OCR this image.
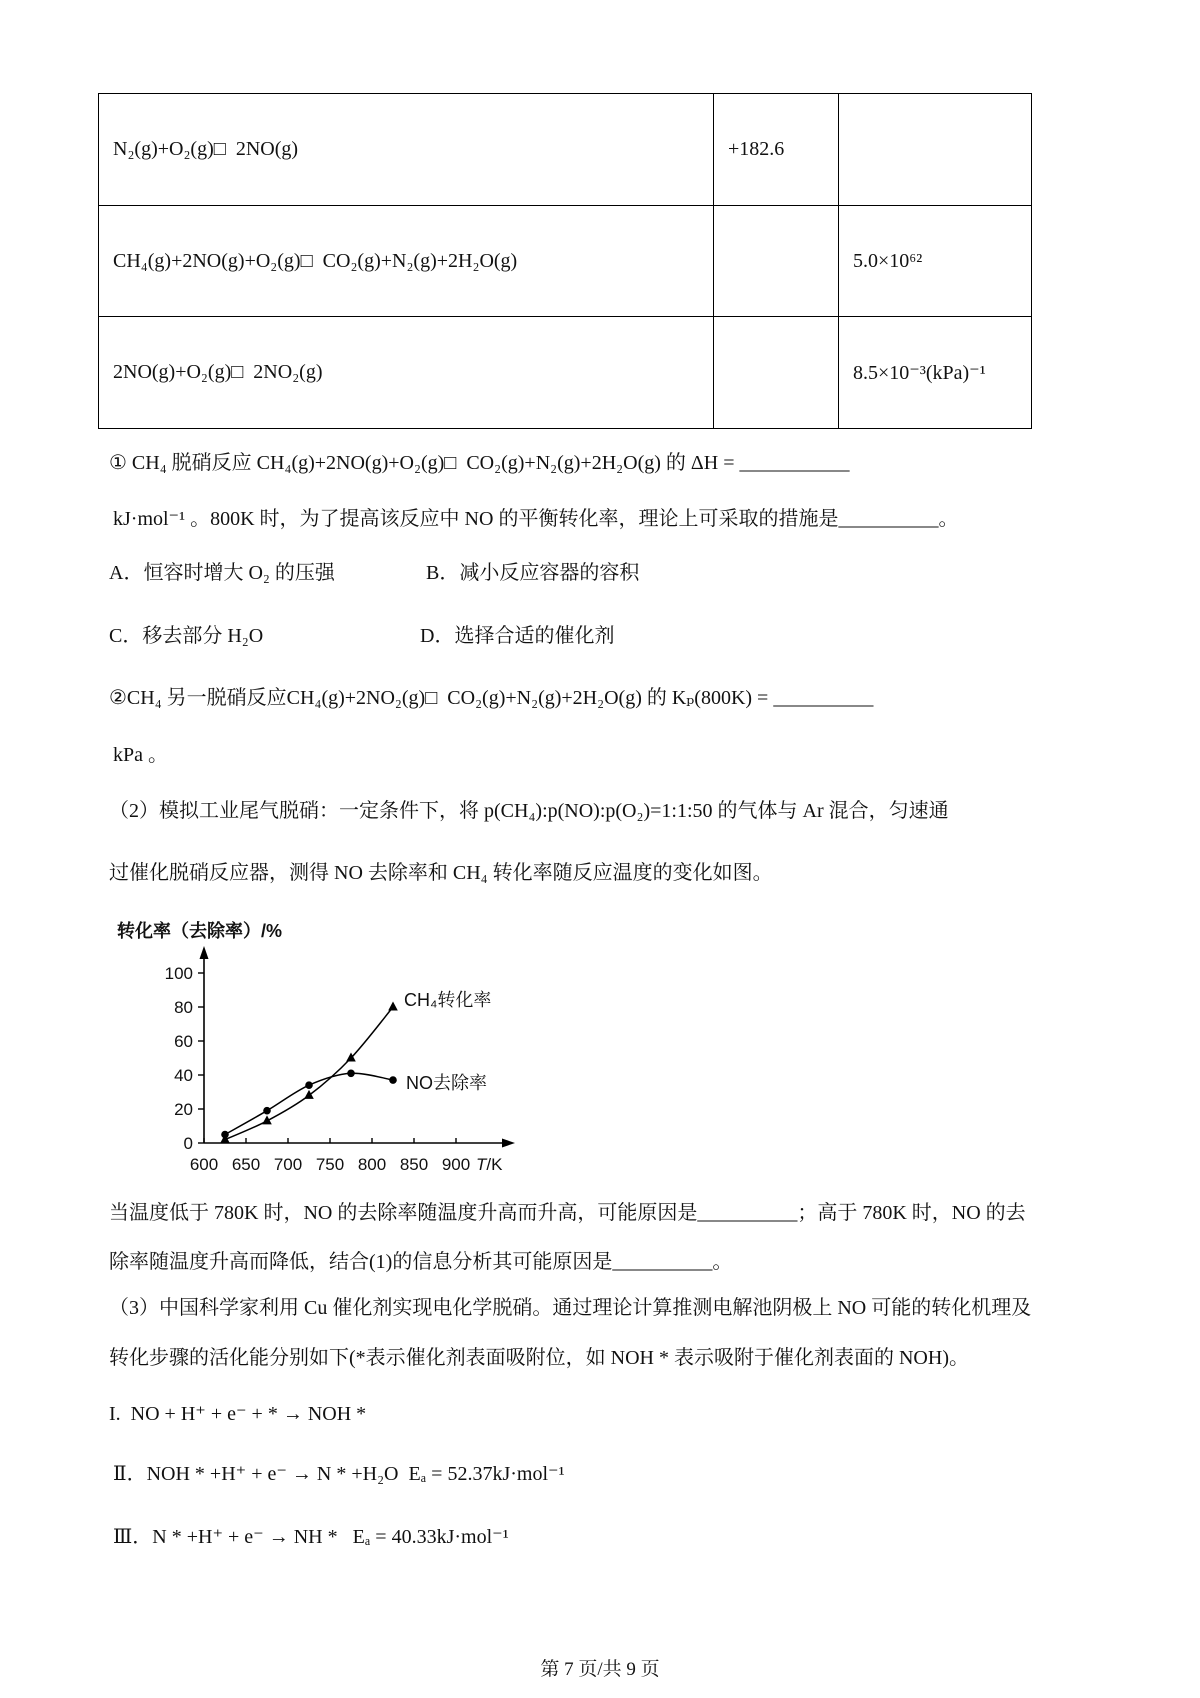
N₂(g)+O₂(g)□  2NO(g)	+182.6	
CH₄(g)+2NO(g)+O₂(g)□  CO₂(g)+N₂(g)+2H₂O(g)		5.0×10⁶²
2NO(g)+O₂(g)□  2NO₂(g)		8.5×10⁻³(kPa)⁻¹
① CH₄ 脱硝反应 CH₄(g)+2NO(g)+O₂(g)□  CO₂(g)+N₂(g)+2H₂O(g) 的 ΔH = ___________
kJ·mol⁻¹ 。800K 时，为了提高该反应中 NO 的平衡转化率，理论上可采取的措施是__________。
A．恒容时增大 O₂ 的压强	B．减小反应容器的容积
C．移去部分 H₂O	D．选择合适的催化剂
②CH₄ 另一脱硝反应CH₄(g)+2NO₂(g)□  CO₂(g)+N₂(g)+2H₂O(g) 的 Kₚ(800K) = __________
kPa 。
（2）模拟工业尾气脱硝：一定条件下，将 p(CH₄):p(NO):p(O₂)=1:1:50 的气体与 Ar 混合，匀速通
过催化脱硝反应器，测得 NO 去除率和 CH₄ 转化率随反应温度的变化如图。
转化率（去除率）/%
0
20
40
60
80
100
600 650 700 750 800 850 900 T/K
CH₄转化率
NO去除率
当温度低于 780K 时，NO 的去除率随温度升高而升高，可能原因是__________；高于 780K 时，NO 的去
除率随温度升高而降低，结合(1)的信息分析其可能原因是__________。
（3）中国科学家利用 Cu 催化剂实现电化学脱硝。通过理论计算推测电解池阴极上 NO 可能的转化机理及
转化步骤的活化能分别如下(*表示催化剂表面吸附位，如 NOH * 表示吸附于催化剂表面的 NOH)。
I.  NO + H⁺ + e⁻ + * → NOH *
Ⅱ．NOH * +H⁺ + e⁻ → N * +H₂O  Eₐ = 52.37kJ·mol⁻¹
Ⅲ．N * +H⁺ + e⁻ → NH *   Eₐ = 40.33kJ·mol⁻¹
第 7 页/共 9 页
